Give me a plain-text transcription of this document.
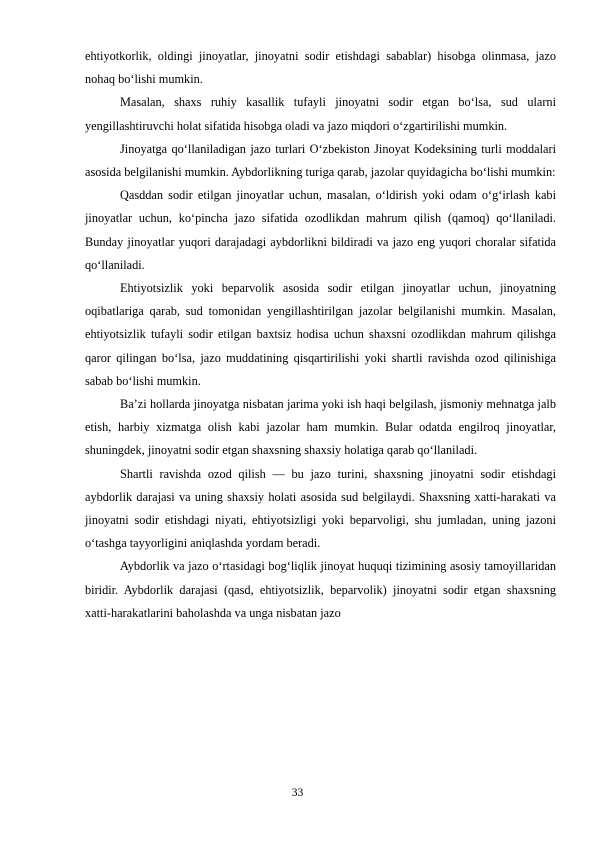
ehtiyotkorlik, oldingi jinoyatlar, jinoyatni sodir etishdagi sabablar) hisobga olinmasa, jazo nohaq bo‘lishi mumkin.

Masalan, shaxs ruhiy kasallik tufayli jinoyatni sodir etgan bo‘lsa, sud ularni yengillashtiruvchi holat sifatida hisobga oladi va jazo miqdori o‘zgartirilishi mumkin.

Jinoyatga qo‘llaniladigan jazo turlari O‘zbekiston Jinoyat Kodeksining turli moddalari asosida belgilanishi mumkin. Aybdorlikning turiga qarab, jazolar quyidagicha bo‘lishi mumkin:

Qasddan sodir etilgan jinoyatlar uchun, masalan, o‘ldirish yoki odam o‘g‘irlash kabi jinoyatlar uchun, ko‘pincha jazo sifatida ozodlikdan mahrum qilish (qamoq) qo‘llaniladi. Bunday jinoyatlar yuqori darajadagi aybdorlikni bildiradi va jazo eng yuqori choralar sifatida qo‘llaniladi.

Ehtiyotsizlik yoki beparvolik asosida sodir etilgan jinoyatlar uchun, jinoyatning oqibatlariga qarab, sud tomonidan yengillashtirilgan jazolar belgilanishi mumkin. Masalan, ehtiyotsizlik tufayli sodir etilgan baxtsiz hodisa uchun shaxsni ozodlikdan mahrum qilishga qaror qilingan bo‘lsa, jazo muddatining qisqartirilishi yoki shartli ravishda ozod qilinishiga sabab bo‘lishi mumkin.

Ba’zi hollarda jinoyatga nisbatan jarima yoki ish haqi belgilash, jismoniy mehnatga jalb etish, harbiy xizmatga olish kabi jazolar ham mumkin. Bular odatda engilroq jinoyatlar, shuningdek, jinoyatni sodir etgan shaxsning shaxsiy holatiga qarab qo‘llaniladi.

Shartli ravishda ozod qilish — bu jazo turini, shaxsning jinoyatni sodir etishdagi aybdorlik darajasi va uning shaxsiy holati asosida sud belgilaydi. Shaxsning xatti-harakati va jinoyatni sodir etishdagi niyati, ehtiyotsizligi yoki beparvoligi, shu jumladan, uning jazoni o‘tashga tayyorligini aniqlashda yordam beradi.

Aybdorlik va jazo o‘rtasidagi bog‘liqlik jinoyat huquqi tizimining asosiy tamoyillaridan biridir. Aybdorlik darajasi (qasd, ehtiyotsizlik, beparvolik) jinoyatni sodir etgan shaxsning xatti-harakatlarini baholashda va unga nisbatan jazo

33
